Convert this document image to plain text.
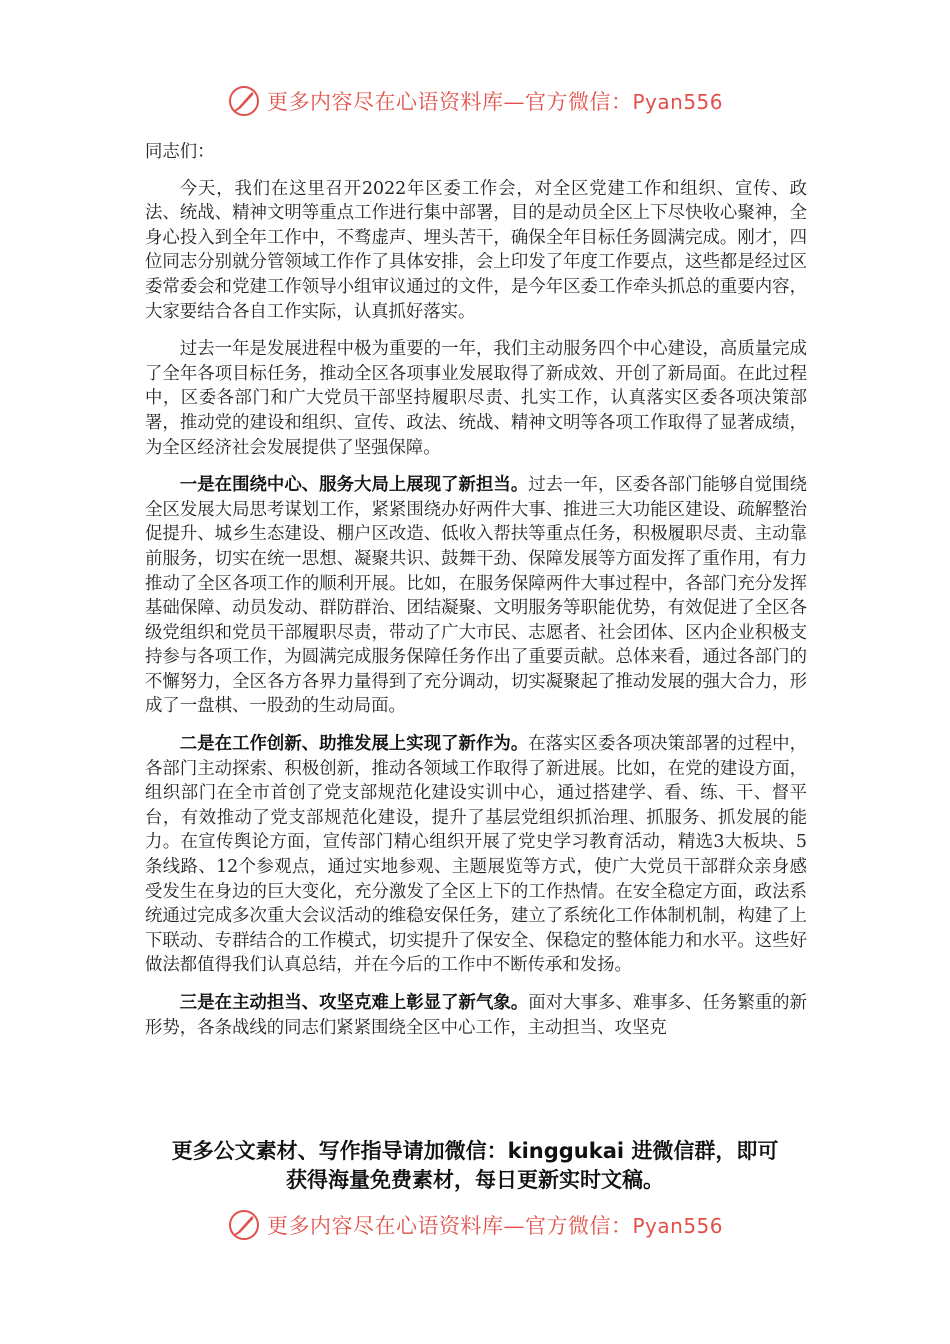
更多内容尽在心语资料库—官方微信：Pyan556

同志们：

今天，我们在这里召开2022年区委工作会，对全区党建工作和组织、宣传、政法、统战、精神文明等重点工作进行集中部署，目的是动员全区上下尽快收心聚神，全身心投入到全年工作中，不骛虚声、埋头苦干，确保全年目标任务圆满完成。刚才，四位同志分别就分管领域工作作了具体安排，会上印发了年度工作要点，这些都是经过区委常委会和党建工作领导小组审议通过的文件，是今年区委工作牵头抓总的重要内容，大家要结合各自工作实际，认真抓好落实。

过去一年是发展进程中极为重要的一年，我们主动服务四个中心建设，高质量完成了全年各项目标任务，推动全区各项事业发展取得了新成效、开创了新局面。在此过程中，区委各部门和广大党员干部坚持履职尽责、扎实工作，认真落实区委各项决策部署，推动党的建设和组织、宣传、政法、统战、精神文明等各项工作取得了显著成绩，为全区经济社会发展提供了坚强保障。

一是在围绕中心、服务大局上展现了新担当。过去一年，区委各部门能够自觉围绕全区发展大局思考谋划工作，紧紧围绕办好两件大事、推进三大功能区建设、疏解整治促提升、城乡生态建设、棚户区改造、低收入帮扶等重点任务，积极履职尽责、主动靠前服务，切实在统一思想、凝聚共识、鼓舞干劲、保障发展等方面发挥了重作用，有力推动了全区各项工作的顺利开展。比如，在服务保障两件大事过程中，各部门充分发挥基础保障、动员发动、群防群治、团结凝聚、文明服务等职能优势，有效促进了全区各级党组织和党员干部履职尽责，带动了广大市民、志愿者、社会团体、区内企业积极支持参与各项工作，为圆满完成服务保障任务作出了重要贡献。总体来看，通过各部门的不懈努力，全区各方各界力量得到了充分调动，切实凝聚起了推动发展的强大合力，形成了一盘棋、一股劲的生动局面。

二是在工作创新、助推发展上实现了新作为。在落实区委各项决策部署的过程中，各部门主动探索、积极创新，推动各领域工作取得了新进展。比如，在党的建设方面，组织部门在全市首创了党支部规范化建设实训中心，通过搭建学、看、练、干、督平台，有效推动了党支部规范化建设，提升了基层党组织抓治理、抓服务、抓发展的能力。在宣传舆论方面，宣传部门精心组织开展了党史学习教育活动，精选3大板块、5条线路、12个参观点，通过实地参观、主题展览等方式，使广大党员干部群众亲身感受发生在身边的巨大变化，充分激发了全区上下的工作热情。在安全稳定方面，政法系统通过完成多次重大会议活动的维稳安保任务，建立了系统化工作体制机制，构建了上下联动、专群结合的工作模式，切实提升了保安全、保稳定的整体能力和水平。这些好做法都值得我们认真总结，并在今后的工作中不断传承和发扬。

三是在主动担当、攻坚克难上彰显了新气象。面对大事多、难事多、任务繁重的新形势，各条战线的同志们紧紧围绕全区中心工作，主动担当、攻坚克

更多公文素材、写作指导请加微信：kinggukai 进微信群，即可
获得海量免费素材，每日更新实时文稿。
更多内容尽在心语资料库—官方微信：Pyan556
